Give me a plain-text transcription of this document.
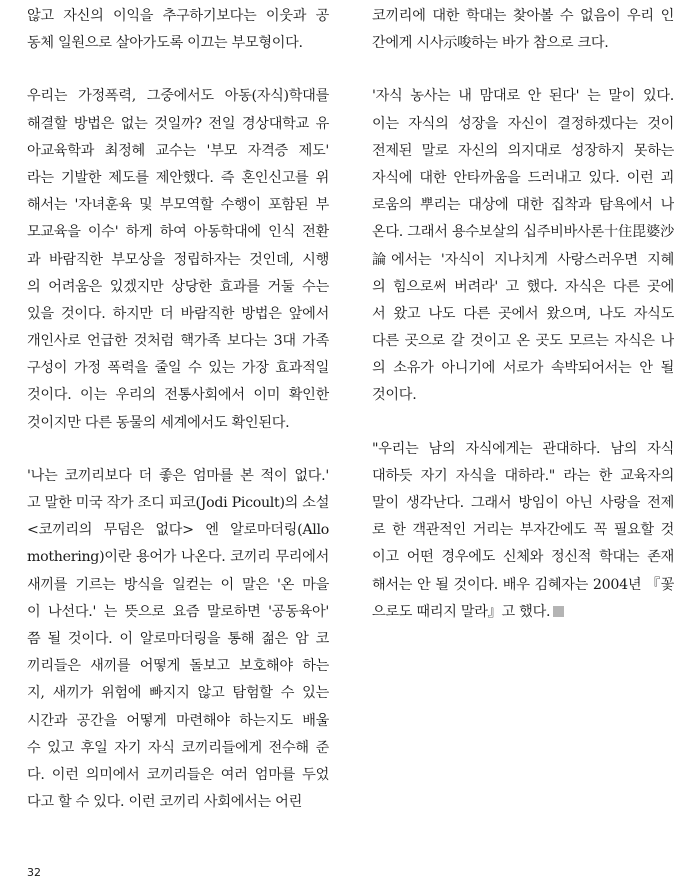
않고 자신의 이익을 추구하기보다는 이웃과 공
동체 일원으로 살아가도록 이끄는 부모형이다.
우리는 가정폭력, 그중에서도 아동(자식)학대를
해결할 방법은 없는 것일까? 전일 경상대학교 유
아교육학과 최정혜 교수는 '부모 자격증 제도'
라는 기발한 제도를 제안했다. 즉 혼인신고를 위
해서는 '자녀훈육 및 부모역할 수행이 포함된 부
모교육을 이수' 하게 하여 아동학대에 인식 전환
과 바람직한 부모상을 정립하자는 것인데, 시행
의 어려움은 있겠지만 상당한 효과를 거둘 수는
있을 것이다. 하지만 더 바람직한 방법은 앞에서
개인사로 언급한 것처럼 핵가족 보다는 3대 가족
구성이 가정 폭력을 줄일 수 있는 가장 효과적일
것이다. 이는 우리의 전통사회에서 이미 확인한
것이지만 다른 동물의 세계에서도 확인된다.
'나는 코끼리보다 더 좋은 엄마를 본 적이 없다.'
고 말한 미국 작가 조디 피코(Jodi Picoult)의 소설
<코끼리의 무덤은 없다> 엔 알로마더링(Allo
mothering)이란 용어가 나온다. 코끼리 무리에서
새끼를 기르는 방식을 일컫는 이 말은 '온 마을
이 나선다.' 는 뜻으로 요즘 말로하면 '공동육아'
쯤 될 것이다. 이 알로마더링을 통해 젊은 암 코
끼리들은 새끼를 어떻게 돌보고 보호해야 하는
지, 새끼가 위험에 빠지지 않고 탐험할 수 있는
시간과 공간을 어떻게 마련해야 하는지도 배울
수 있고 후일 자기 자식 코끼리들에게 전수해 준
다. 이런 의미에서 코끼리들은 여러 엄마를 두었
다고 할 수 있다. 이런 코끼리 사회에서는 어린
코끼리에 대한 학대는 찾아볼 수 없음이 우리 인
간에게 시사示唆하는 바가 참으로 크다.
'자식 농사는 내 맘대로 안 된다' 는 말이 있다.
이는 자식의 성장을 자신이 결정하겠다는 것이
전제된 말로 자신의 의지대로 성장하지 못하는
자식에 대한 안타까움을 드러내고 있다. 이런 괴
로움의 뿌리는 대상에 대한 집착과 탐욕에서 나
온다. 그래서 용수보살의 십주비바사론十住毘婆沙
論에서는 '자식이 지나치게 사랑스러우면 지혜
의 힘으로써 버려라' 고 했다. 자식은 다른 곳에
서 왔고 나도 다른 곳에서 왔으며, 나도 자식도
다른 곳으로 갈 것이고 온 곳도 모르는 자식은 나
의 소유가 아니기에 서로가 속박되어서는 안 될
것이다.
"우리는 남의 자식에게는 관대하다. 남의 자식
대하듯 자기 자식을 대하라." 라는 한 교육자의
말이 생각난다. 그래서 방임이 아닌 사랑을 전제
로 한 객관적인 거리는 부자간에도 꼭 필요할 것
이고 어떤 경우에도 신체와 정신적 학대는 존재
해서는 안 될 것이다. 배우 김혜자는 2004년 『꽃
으로도 때리지 말라』고 했다.
32
